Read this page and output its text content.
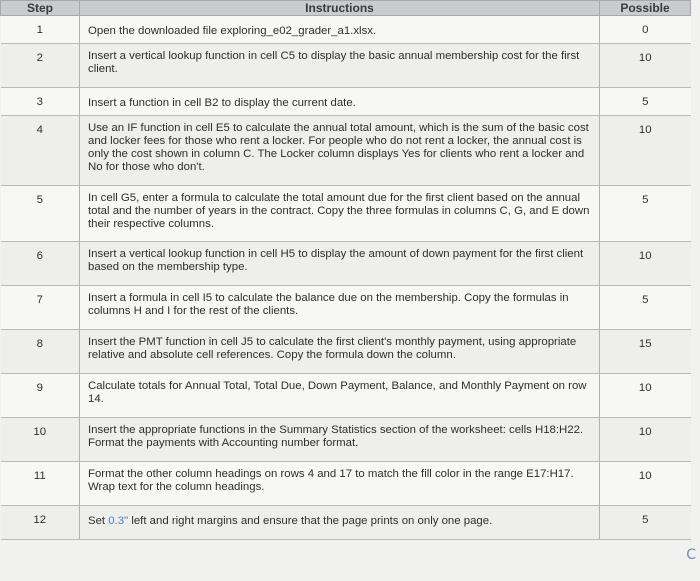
Step	Instructions	Possible
1	Open the downloaded file exploring_e02_grader_a1.xlsx.	0
2	Insert a vertical lookup function in cell C5 to display the basic annual membership cost for the first client.	10
3	Insert a function in cell B2 to display the current date.	5
4	Use an IF function in cell E5 to calculate the annual total amount, which is the sum of the basic cost and locker fees for those who rent a locker. For people who do not rent a locker, the annual cost is only the cost shown in column C. The Locker column displays Yes for clients who rent a locker and No for those who don't.	10
5	In cell G5, enter a formula to calculate the total amount due for the first client based on the annual total and the number of years in the contract. Copy the three formulas in columns C, G, and E down their respective columns.	5
6	Insert a vertical lookup function in cell H5 to display the amount of down payment for the first client based on the membership type.	10
7	Insert a formula in cell I5 to calculate the balance due on the membership. Copy the formulas in columns H and I for the rest of the clients.	5
8	Insert the PMT function in cell J5 to calculate the first client's monthly payment, using appropriate relative and absolute cell references. Copy the formula down the column.	15
9	Calculate totals for Annual Total, Total Due, Down Payment, Balance, and Monthly Payment on row 14.	10
10	Insert the appropriate functions in the Summary Statistics section of the worksheet: cells H18:H22. Format the payments with Accounting number format.	10
11	Format the other column headings on rows 4 and 17 to match the fill color in the range E17:H17. Wrap text for the column headings.	10
12	Set 0.3" left and right margins and ensure that the page prints on only one page.	5
C
